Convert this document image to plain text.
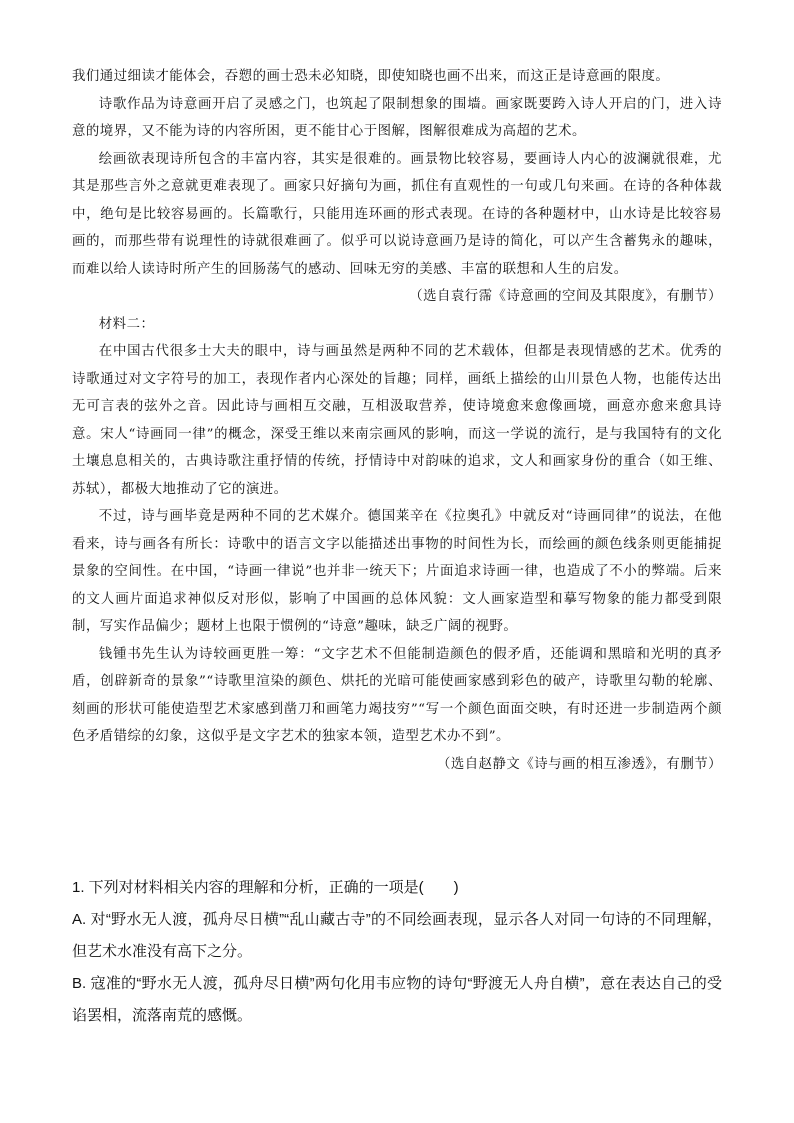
我们通过细读才能体会，吞愬的画士恐未必知晓，即使知晓也画不出来，而这正是诗意画的限度。

诗歌作品为诗意画开启了灵感之门，也筑起了限制想象的围墙。画家既要跨入诗人开启的门，进入诗意的境界，又不能为诗的内容所困，更不能甘心于图解，图解很难成为高超的艺术。

绘画欲表现诗所包含的丰富内容，其实是很难的。画景物比较容易，要画诗人内心的波澜就很难，尤其是那些言外之意就更难表现了。画家只好摘句为画，抓住有直观性的一句或几句来画。在诗的各种体裁中，绝句是比较容易画的。长篇歌行，只能用连环画的形式表现。在诗的各种题材中，山水诗是比较容易画的，而那些带有说理性的诗就很难画了。似乎可以说诗意画乃是诗的简化，可以产生含蓄隽永的趣味，而难以给人读诗时所产生的回肠荡气的感动、回味无穷的美感、丰富的联想和人生的启发。

（选自袁行霈《诗意画的空间及其限度》，有删节）

材料二：

在中国古代很多士大夫的眼中，诗与画虽然是两种不同的艺术载体，但都是表现情感的艺术。优秀的诗歌通过对文字符号的加工，表现作者内心深处的旨趣；同样，画纸上描绘的山川景色人物，也能传达出无可言表的弦外之音。因此诗与画相互交融，互相汲取营养，使诗境愈来愈像画境，画意亦愈来愈具诗意。宋人“诗画同一律”的概念，深受王维以来南宗画风的影响，而这一学说的流行，是与我国特有的文化土壤息息相关的，古典诗歌注重抒情的传统，抒情诗中对韵味的追求，文人和画家身份的重合（如王维、苏轼），都极大地推动了它的演进。

不过，诗与画毕竟是两种不同的艺术媒介。德国莱辛在《拉奥孔》中就反对“诗画同律”的说法，在他看来，诗与画各有所长：诗歌中的语言文字以能描述出事物的时间性为长，而绘画的颜色线条则更能捕捉景象的空间性。在中国，“诗画一律说”也并非一统天下；片面追求诗画一律，也造成了不小的弊端。后来的文人画片面追求神似反对形似，影响了中国画的总体风貌：文人画家造型和摹写物象的能力都受到限制，写实作品偏少；题材上也限于惯例的“诗意”趣味，缺乏广阔的视野。

钱锺书先生认为诗较画更胜一筹：“文字艺术不但能制造颜色的假矛盾，还能调和黑暗和光明的真矛盾，创辟新奇的景象”“诗歌里渲染的颜色、烘托的光暗可能使画家感到彩色的破产，诗歌里勾勒的轮廓、刻画的形状可能使造型艺术家感到凿刀和画笔力竭技穷”“写一个颜色面面交映，有时还进一步制造两个颜色矛盾错综的幻象，这似乎是文字艺术的独家本领，造型艺术办不到”。

（选自赵静文《诗与画的相互渗透》，有删节）

1. 下列对材料相关内容的理解和分析，正确的一项是(　　)

A. 对“野水无人渡，孤舟尽日横”“乱山藏古寺”的不同绘画表现，显示各人对同一句诗的不同理解，但艺术水准没有高下之分。

B. 寇准的“野水无人渡，孤舟尽日横”两句化用韦应物的诗句“野渡无人舟自横”，意在表达自己的受谄罢相，流落南荒的感慨。
